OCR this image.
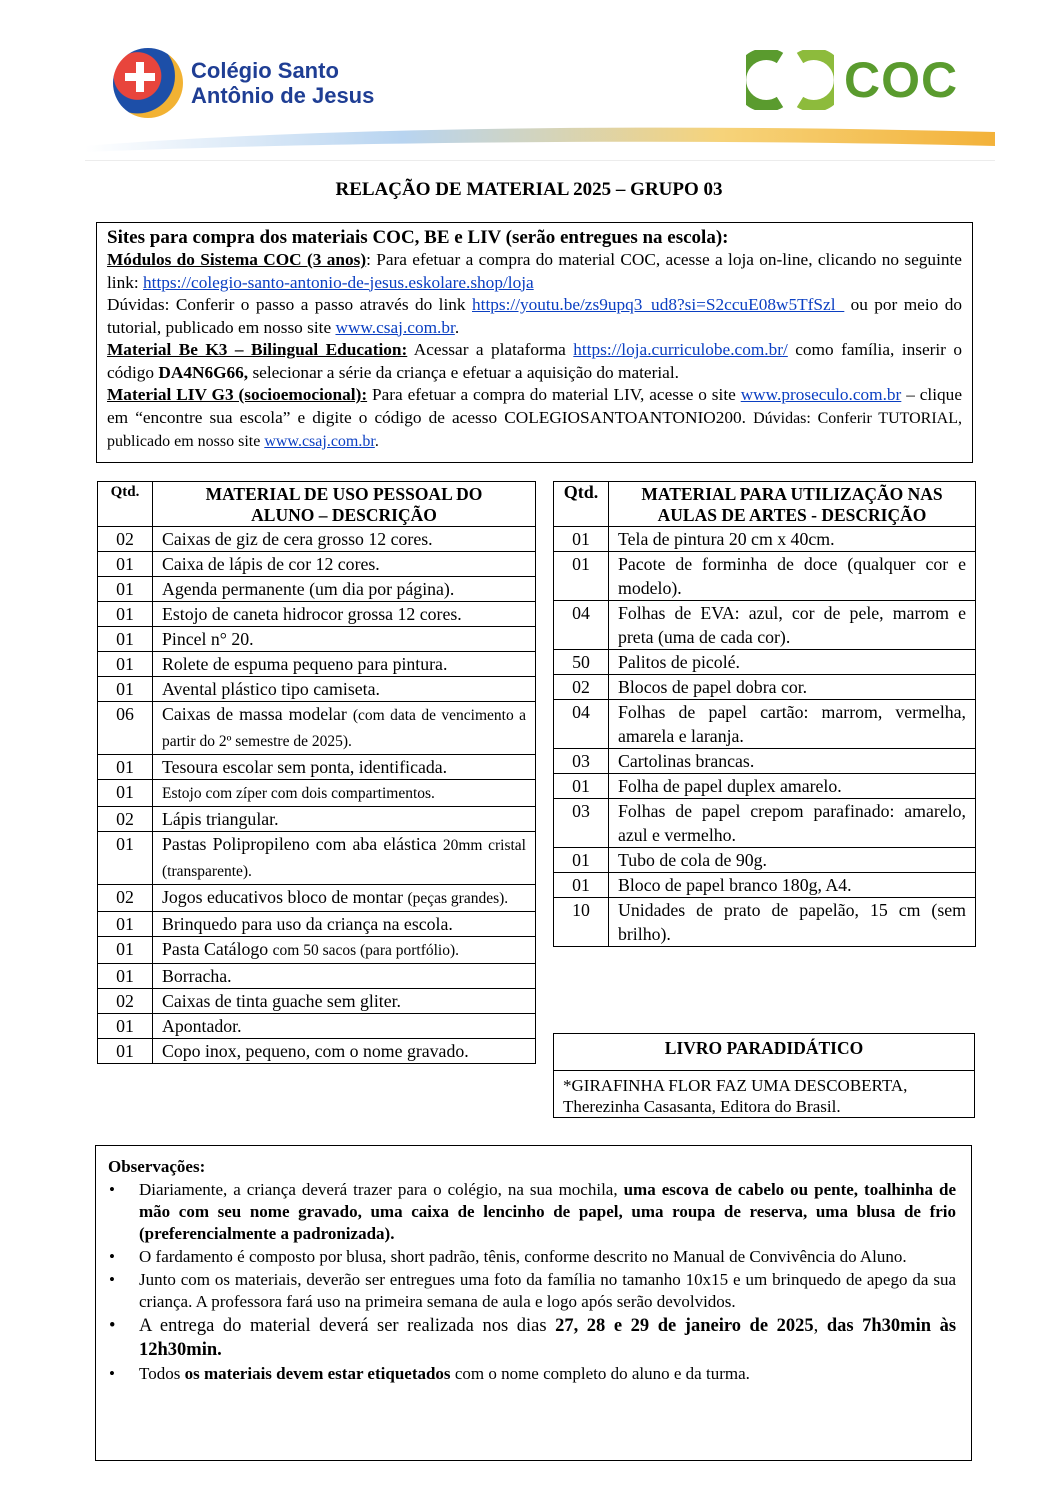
Colégio Santo
Antônio de Jesus	COC
RELAÇÃO DE MATERIAL 2025 – GRUPO 03
Sites para compra dos materiais COC, BE e LIV (serão entregues na escola):

Módulos do Sistema COC (3 anos): Para efetuar a compra do material COC, acesse a loja on-line, clicando no seguinte link: https://colegio-santo-antonio-de-jesus.eskolare.shop/loja

Dúvidas: Conferir o passo a passo através do link https://youtu.be/zs9upq3_ud8?si=S2ccuE08w5TfSzl_ ou por meio do tutorial, publicado em nosso site www.csaj.com.br.

Material Be K3 – Bilingual Education: Acessar a plataforma https://loja.curriculobe.com.br/ como família, inserir o código DA4N6G66, selecionar a série da criança e efetuar a aquisição do material.

Material LIV G3 (socioemocional): Para efetuar a compra do material LIV, acesse o site www.proseculo.com.br – clique em “encontre sua escola” e digite o código de acesso COLEGIOSANTOANTONIO200. Dúvidas: Conferir TUTORIAL, publicado em nosso site www.csaj.com.br.

Qtd.	MATERIAL DE USO PESSOAL DO ALUNO – DESCRIÇÃO
02	Caixas de giz de cera grosso 12 cores.
01	Caixa de lápis de cor 12 cores.
01	Agenda permanente (um dia por página).
01	Estojo de caneta hidrocor grossa 12 cores.
01	Pincel n° 20.
01	Rolete de espuma pequeno para pintura.
01	Avental plástico tipo camiseta.
06	Caixas de massa modelar (com data de vencimento a partir do 2º semestre de 2025).
01	Tesoura escolar sem ponta, identificada.
01	Estojo com zíper com dois compartimentos.
02	Lápis triangular.
01	Pastas Polipropileno com aba elástica 20mm cristal (transparente).
02	Jogos educativos bloco de montar (peças grandes).
01	Brinquedo para uso da criança na escola.
01	Pasta Catálogo com 50 sacos (para portfólio).
01	Borracha.
02	Caixas de tinta guache sem gliter.
01	Apontador.
01	Copo inox, pequeno, com o nome gravado.
Qtd.	MATERIAL PARA UTILIZAÇÃO NAS AULAS DE ARTES - DESCRIÇÃO
01	Tela de pintura 20 cm x 40cm.
01	Pacote de forminha de doce (qualquer cor e modelo).
04	Folhas de EVA: azul, cor de pele, marrom e preta (uma de cada cor).
50	Palitos de picolé.
02	Blocos de papel dobra cor.
04	Folhas de papel cartão: marrom, vermelha, amarela e laranja.
03	Cartolinas brancas.
01	Folha de papel duplex amarelo.
03	Folhas de papel crepom parafinado: amarelo, azul e vermelho.
01	Tubo de cola de 90g.
01	Bloco de papel branco 180g, A4.
10	Unidades de prato de papelão, 15 cm (sem brilho).
LIVRO PARADIDÁTICO
*GIRAFINHA FLOR FAZ UMA DESCOBERTA,
Therezinha Casasanta, Editora do Brasil.
Observações:
• Diariamente, a criança deverá trazer para o colégio, na sua mochila, uma escova de cabelo ou pente, toalhinha de mão com seu nome gravado, uma caixa de lencinho de papel, uma roupa de reserva, uma blusa de frio (preferencialmente a padronizada).
• O fardamento é composto por blusa, short padrão, tênis, conforme descrito no Manual de Convivência do Aluno.
• Junto com os materiais, deverão ser entregues uma foto da família no tamanho 10x15 e um brinquedo de apego da sua criança. A professora fará uso na primeira semana de aula e logo após serão devolvidos.
• A entrega do material deverá ser realizada nos dias 27, 28 e 29 de janeiro de 2025, das 7h30min às 12h30min.
• Todos os materiais devem estar etiquetados com o nome completo do aluno e da turma.
